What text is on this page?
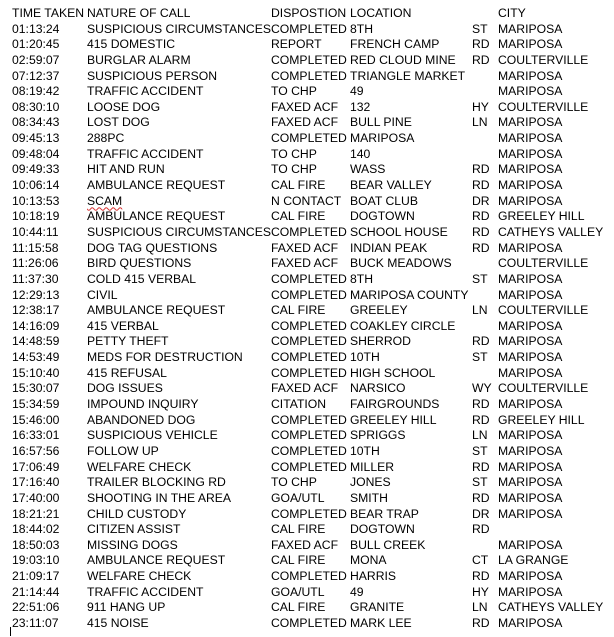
TIME TAKEN NATURE OF CALL	DISPOSTION LOCATION	CITY
01:13:24 SUSPICIOUS CIRCUMSTANCES COMPLETED 8TH	ST MARIPOSA
01:20:45 415 DOMESTIC	REPORT FRENCH CAMP	RD MARIPOSA
02:59:07 BURGLAR ALARM	COMPLETED RED CLOUD MINE RD COULTERVILLE
07:12:37 SUSPICIOUS PERSON	COMPLETED TRIANGLE MARKET	MARIPOSA
08:19:42 TRAFFIC ACCIDENT	TO CHP	49	MARIPOSA
08:30:10 LOOSE DOG	FAXED ACF 132	HY COULTERVILLE
08:34:43 LOST DOG	FAXED ACF BULL PINE	LN MARIPOSA
09:45:13 288PC	COMPLETED MARIPOSA	MARIPOSA
09:48:04 TRAFFIC ACCIDENT	TO CHP	140	MARIPOSA
09:49:33 HIT AND RUN	TO CHP	WASS	RD MARIPOSA
10:06:14 AMBULANCE REQUEST	CAL FIRE BEAR VALLEY	RD MARIPOSA
10:13:53 SCAM	N CONTACT BOAT CLUB	DR MARIPOSA
10:18:19 AMBULANCE REQUEST	CAL FIRE DOGTOWN	RD GREELEY HILL
10:44:11 SUSPICIOUS CIRCUMSTANCES COMPLETED SCHOOL HOUSE RD CATHEYS VALLEY
11:15:58 DOG TAG QUESTIONS	FAXED ACF INDIAN PEAK	RD MARIPOSA
11:26:06 BIRD QUESTIONS	FAXED ACF BUCK MEADOWS	COULTERVILLE
11:37:30 COLD 415 VERBAL	COMPLETED 8TH	ST MARIPOSA
12:29:13 CIVIL	COMPLETED MARIPOSA COUNTY MARIPOSA
12:38:17 AMBULANCE REQUEST	CAL FIRE GREELEY	LN COULTERVILLE
14:16:09 415 VERBAL	COMPLETED COAKLEY CIRCLE	MARIPOSA
14:48:59 PETTY THEFT	COMPLETED SHERROD	RD MARIPOSA
14:53:49 MEDS FOR DESTRUCTION COMPLETED 10TH	ST MARIPOSA
15:10:40 415 REFUSAL	COMPLETED HIGH SCHOOL	MARIPOSA
15:30:07 DOG ISSUES	FAXED ACF NARSICO	WY COULTERVILLE
15:34:59 IMPOUND INQUIRY	CITATION FAIRGROUNDS	RD MARIPOSA
15:46:00 ABANDONED DOG	COMPLETED GREELEY HILL	RD GREELEY HILL
16:33:01 SUSPICIOUS VEHICLE	COMPLETED SPRIGGS	LN MARIPOSA
16:57:56 FOLLOW UP	COMPLETED 10TH	ST MARIPOSA
17:06:49 WELFARE CHECK	COMPLETED MILLER	RD MARIPOSA
17:16:40 TRAILER BLOCKING RD	TO CHP	JONES	ST MARIPOSA
17:40:00 SHOOTING IN THE AREA	GOA/UTL SMITH	RD MARIPOSA
18:21:21 CHILD CUSTODY	COMPLETED BEAR TRAP	DR MARIPOSA
18:44:02 CITIZEN ASSIST	CAL FIRE DOGTOWN	RD
18:50:03 MISSING DOGS	FAXED ACF BULL CREEK	MARIPOSA
19:03:10 AMBULANCE REQUEST	CAL FIRE MONA	CT LA GRANGE
21:09:17 WELFARE CHECK	COMPLETED HARRIS	RD MARIPOSA
21:14:44 TRAFFIC ACCIDENT	GOA/UTL 49	HY MARIPOSA
22:51:06 911 HANG UP	CAL FIRE GRANITE	LN CATHEYS VALLEY
23:11:07 415 NOISE	COMPLETED MARK LEE	RD MARIPOSA
